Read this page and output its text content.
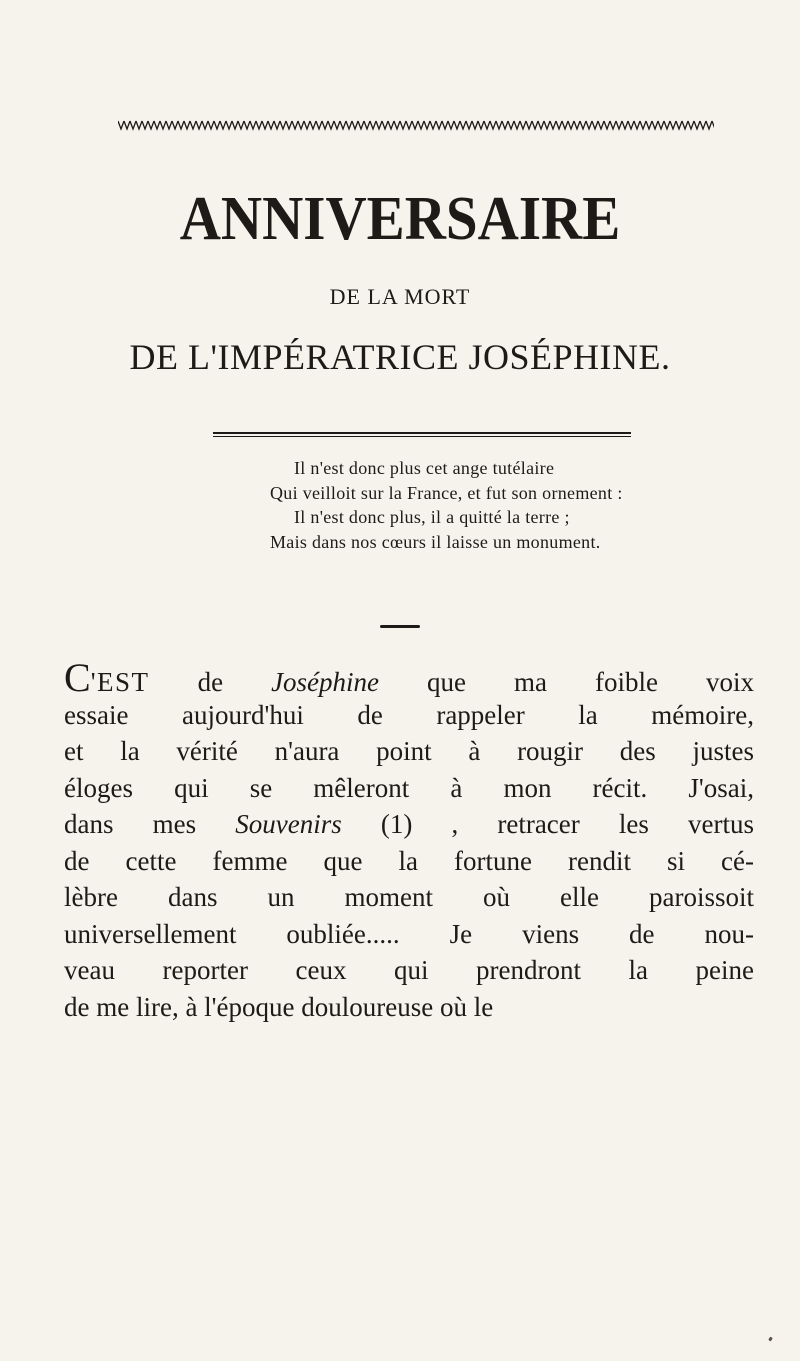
ANNIVERSAIRE
DE LA MORT
DE L'IMPÉRATRICE JOSÉPHINE.
Il n'est donc plus cet ange tutélaire
Qui veilloit sur la France, et fut son ornement :
Il n'est donc plus, il a quitté la terre ;
Mais dans nos cœurs il laisse un monument.
C'EST de Joséphine que ma foible voix
essaie aujourd'hui de rappeler la mémoire,
et la vérité n'aura point à rougir des justes
éloges qui se mêleront à mon récit. J'osai,
dans mes Souvenirs (1) , retracer les vertus
de cette femme que la fortune rendit si cé-
lèbre dans un moment où elle paroissoit
universellement oubliée..... Je viens de nou-
veau reporter ceux qui prendront la peine
de me lire, à l'époque douloureuse où le
